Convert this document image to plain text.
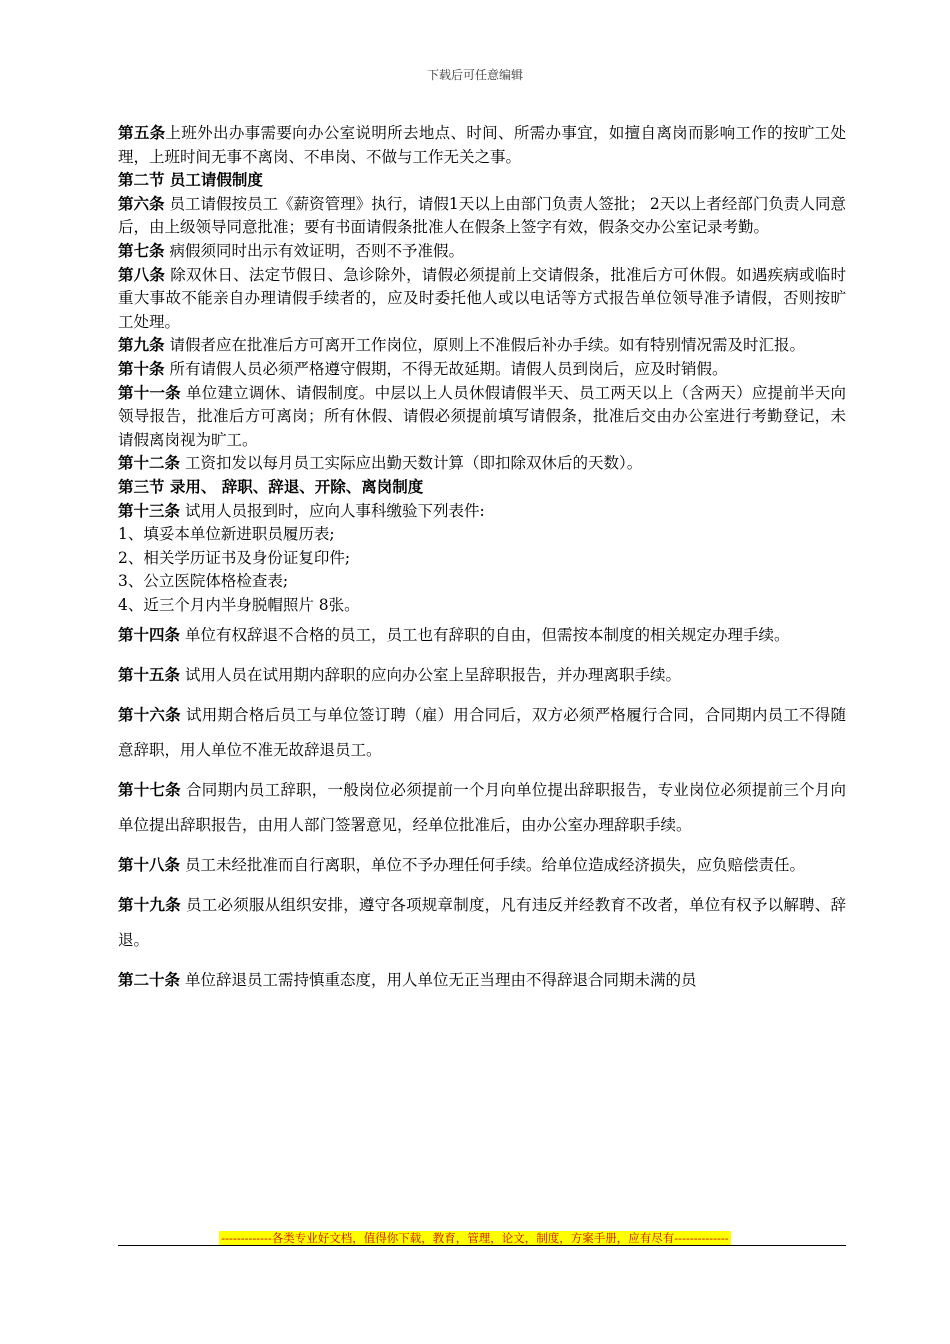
下载后可任意编辑

第五条上班外出办事需要向办公室说明所去地点、时间、所需办事宜，如擅自离岗而影响工作的按旷工处理，上班时间无事不离岗、不串岗、不做与工作无关之事。

第二节 员工请假制度

第六条 员工请假按员工《薪资管理》执行，请假1天以上由部门负责人签批； 2天以上者经部门负责人同意后，由上级领导同意批准；要有书面请假条批准人在假条上签字有效，假条交办公室记录考勤。

第七条 病假须同时出示有效证明，否则不予准假。

第八条 除双休日、法定节假日、急诊除外，请假必须提前上交请假条，批准后方可休假。如遇疾病或临时重大事故不能亲自办理请假手续者的，应及时委托他人或以电话等方式报告单位领导准予请假，否则按旷工处理。

第九条 请假者应在批准后方可离开工作岗位，原则上不准假后补办手续。如有特别情况需及时汇报。

第十条 所有请假人员必须严格遵守假期，不得无故延期。请假人员到岗后，应及时销假。

第十一条 单位建立调休、请假制度。中层以上人员休假请假半天、员工两天以上（含两天）应提前半天向领导报告，批准后方可离岗；所有休假、请假必须提前填写请假条，批准后交由办公室进行考勤登记，未请假离岗视为旷工。

第十二条 工资扣发以每月员工实际应出勤天数计算（即扣除双休后的天数）。

第三节 录用、 辞职、辞退、开除、离岗制度

第十三条 试用人员报到时，应向人事科缴验下列表件:

1、填妥本单位新进职员履历表;

2、相关学历证书及身份证复印件;

3、公立医院体格检查表;

4、近三个月内半身脱帽照片 8张。

第十四条 单位有权辞退不合格的员工，员工也有辞职的自由，但需按本制度的相关规定办理手续。

第十五条 试用人员在试用期内辞职的应向办公室上呈辞职报告，并办理离职手续。

第十六条 试用期合格后员工与单位签订聘（雇）用合同后，双方必须严格履行合同，合同期内员工不得随意辞职，用人单位不准无故辞退员工。

第十七条 合同期内员工辞职，一般岗位必须提前一个月向单位提出辞职报告，专业岗位必须提前三个月向单位提出辞职报告，由用人部门签署意见，经单位批准后，由办公室办理辞职手续。

第十八条 员工未经批准而自行离职，单位不予办理任何手续。给单位造成经济损失，应负赔偿责任。

第十九条 员工必须服从组织安排，遵守各项规章制度，凡有违反并经教育不改者，单位有权予以解聘、辞退。

第二十条 单位辞退员工需持慎重态度，用人单位无正当理由不得辞退合同期未满的员

-------------各类专业好文档，值得你下载，教育，管理，论文，制度，方案手册，应有尽有--------------
